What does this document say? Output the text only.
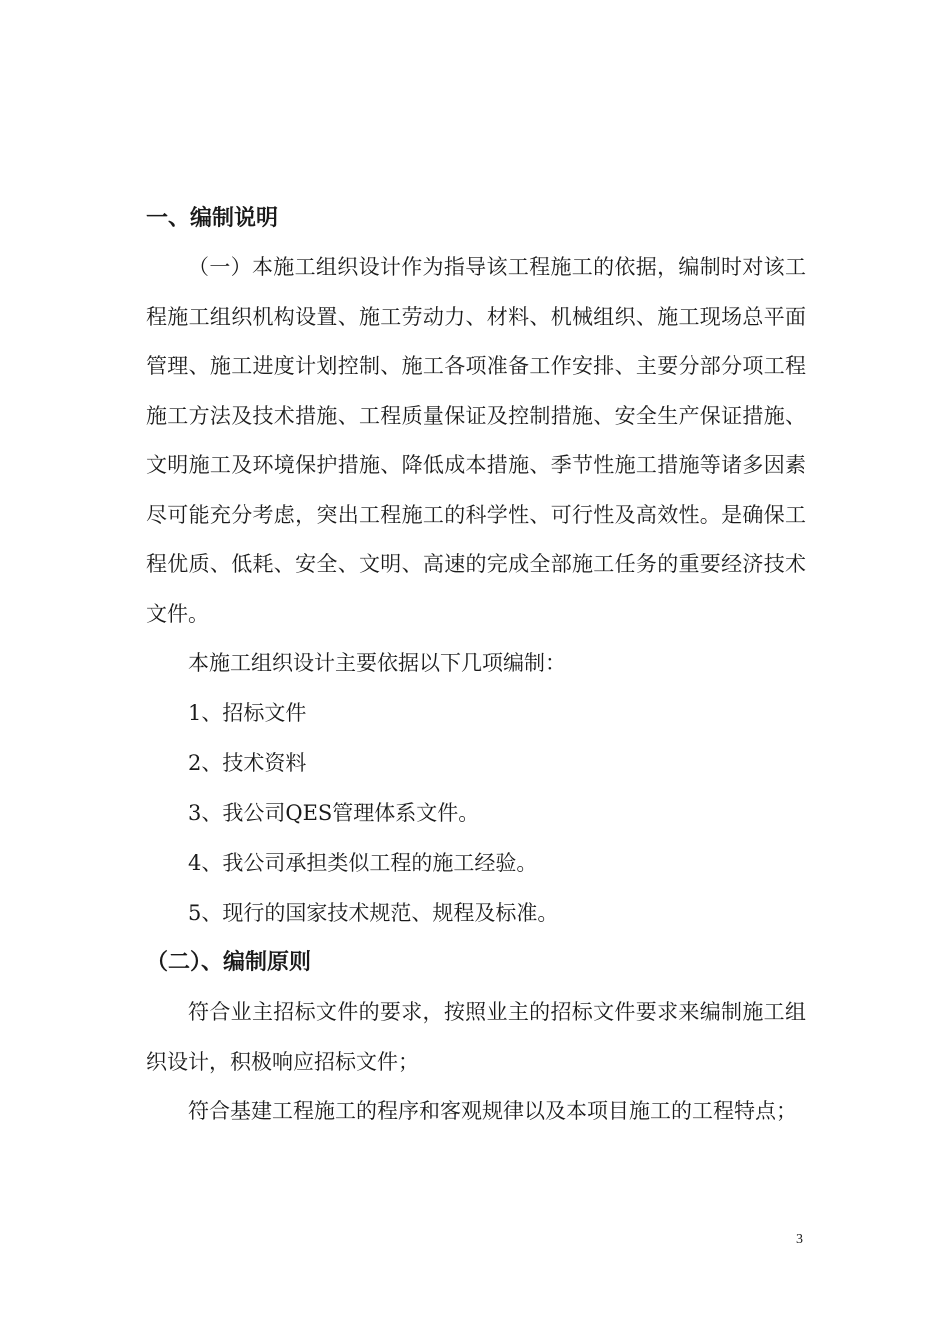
一、编制说明
（一）本施工组织设计作为指导该工程施工的依据，编制时对该工程施工组织机构设置、施工劳动力、材料、机械组织、施工现场总平面管理、施工进度计划控制、施工各项准备工作安排、主要分部分项工程施工方法及技术措施、工程质量保证及控制措施、安全生产保证措施、文明施工及环境保护措施、降低成本措施、季节性施工措施等诸多因素尽可能充分考虑，突出工程施工的科学性、可行性及高效性。是确保工程优质、低耗、安全、文明、高速的完成全部施工任务的重要经济技术文件。
本施工组织设计主要依据以下几项编制：
1、招标文件
2、技术资料
3、我公司QES管理体系文件。
4、我公司承担类似工程的施工经验。
5、现行的国家技术规范、规程及标准。
（二）、编制原则
符合业主招标文件的要求，按照业主的招标文件要求来编制施工组织设计，积极响应招标文件；
符合基建工程施工的程序和客观规律以及本项目施工的工程特点；
3
